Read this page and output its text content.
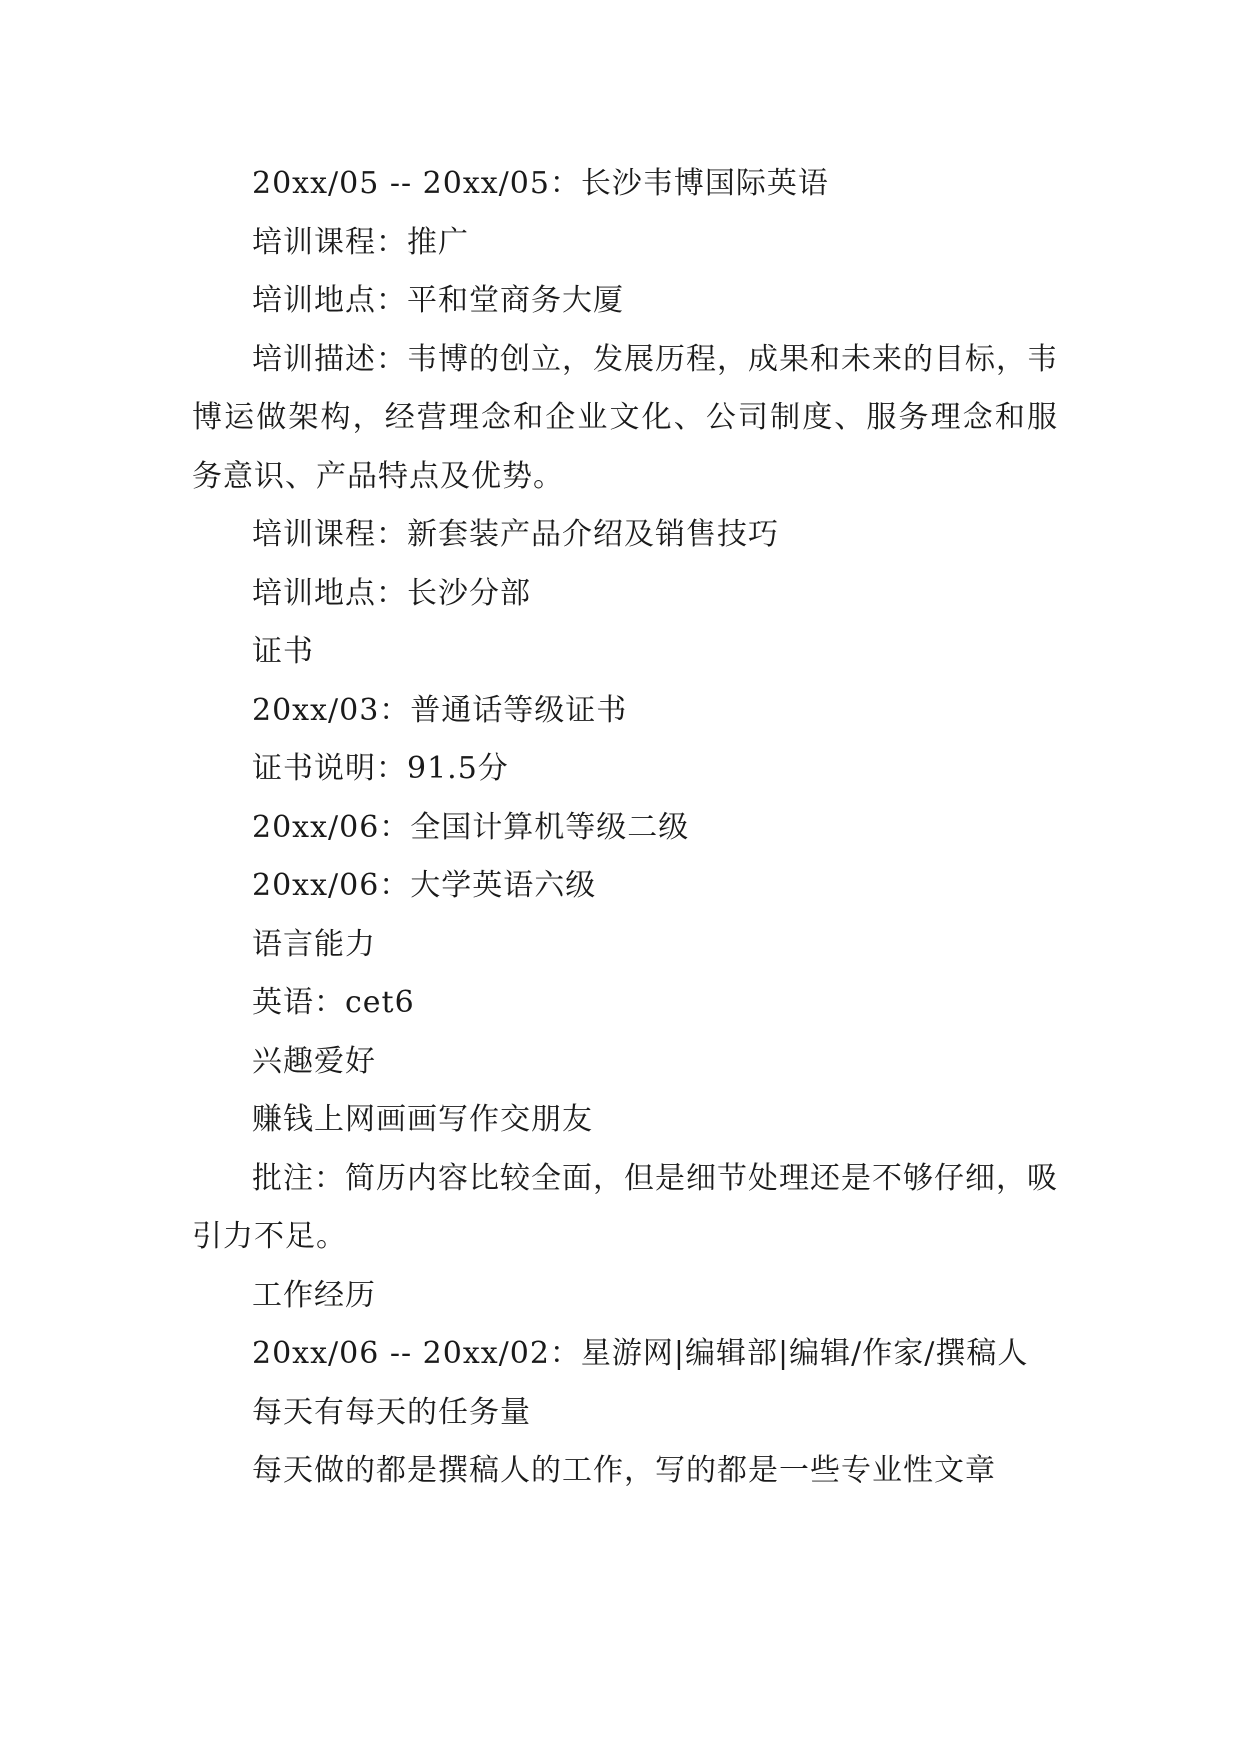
20xx/05 -- 20xx/05：长沙韦博国际英语

培训课程：推广

培训地点：平和堂商务大厦

培训描述：韦博的创立，发展历程，成果和未来的目标，韦博运做架构，经营理念和企业文化、公司制度、服务理念和服务意识、产品特点及优势。

培训课程：新套装产品介绍及销售技巧

培训地点：长沙分部

证书

20xx/03：普通话等级证书

证书说明：91.5分

20xx/06：全国计算机等级二级

20xx/06：大学英语六级

语言能力

英语：cet6

兴趣爱好

赚钱上网画画写作交朋友

批注：简历内容比较全面，但是细节处理还是不够仔细，吸引力不足。

工作经历

20xx/06 -- 20xx/02：星游网|编辑部|编辑/作家/撰稿人

每天有每天的任务量

每天做的都是撰稿人的工作，写的都是一些专业性文章
